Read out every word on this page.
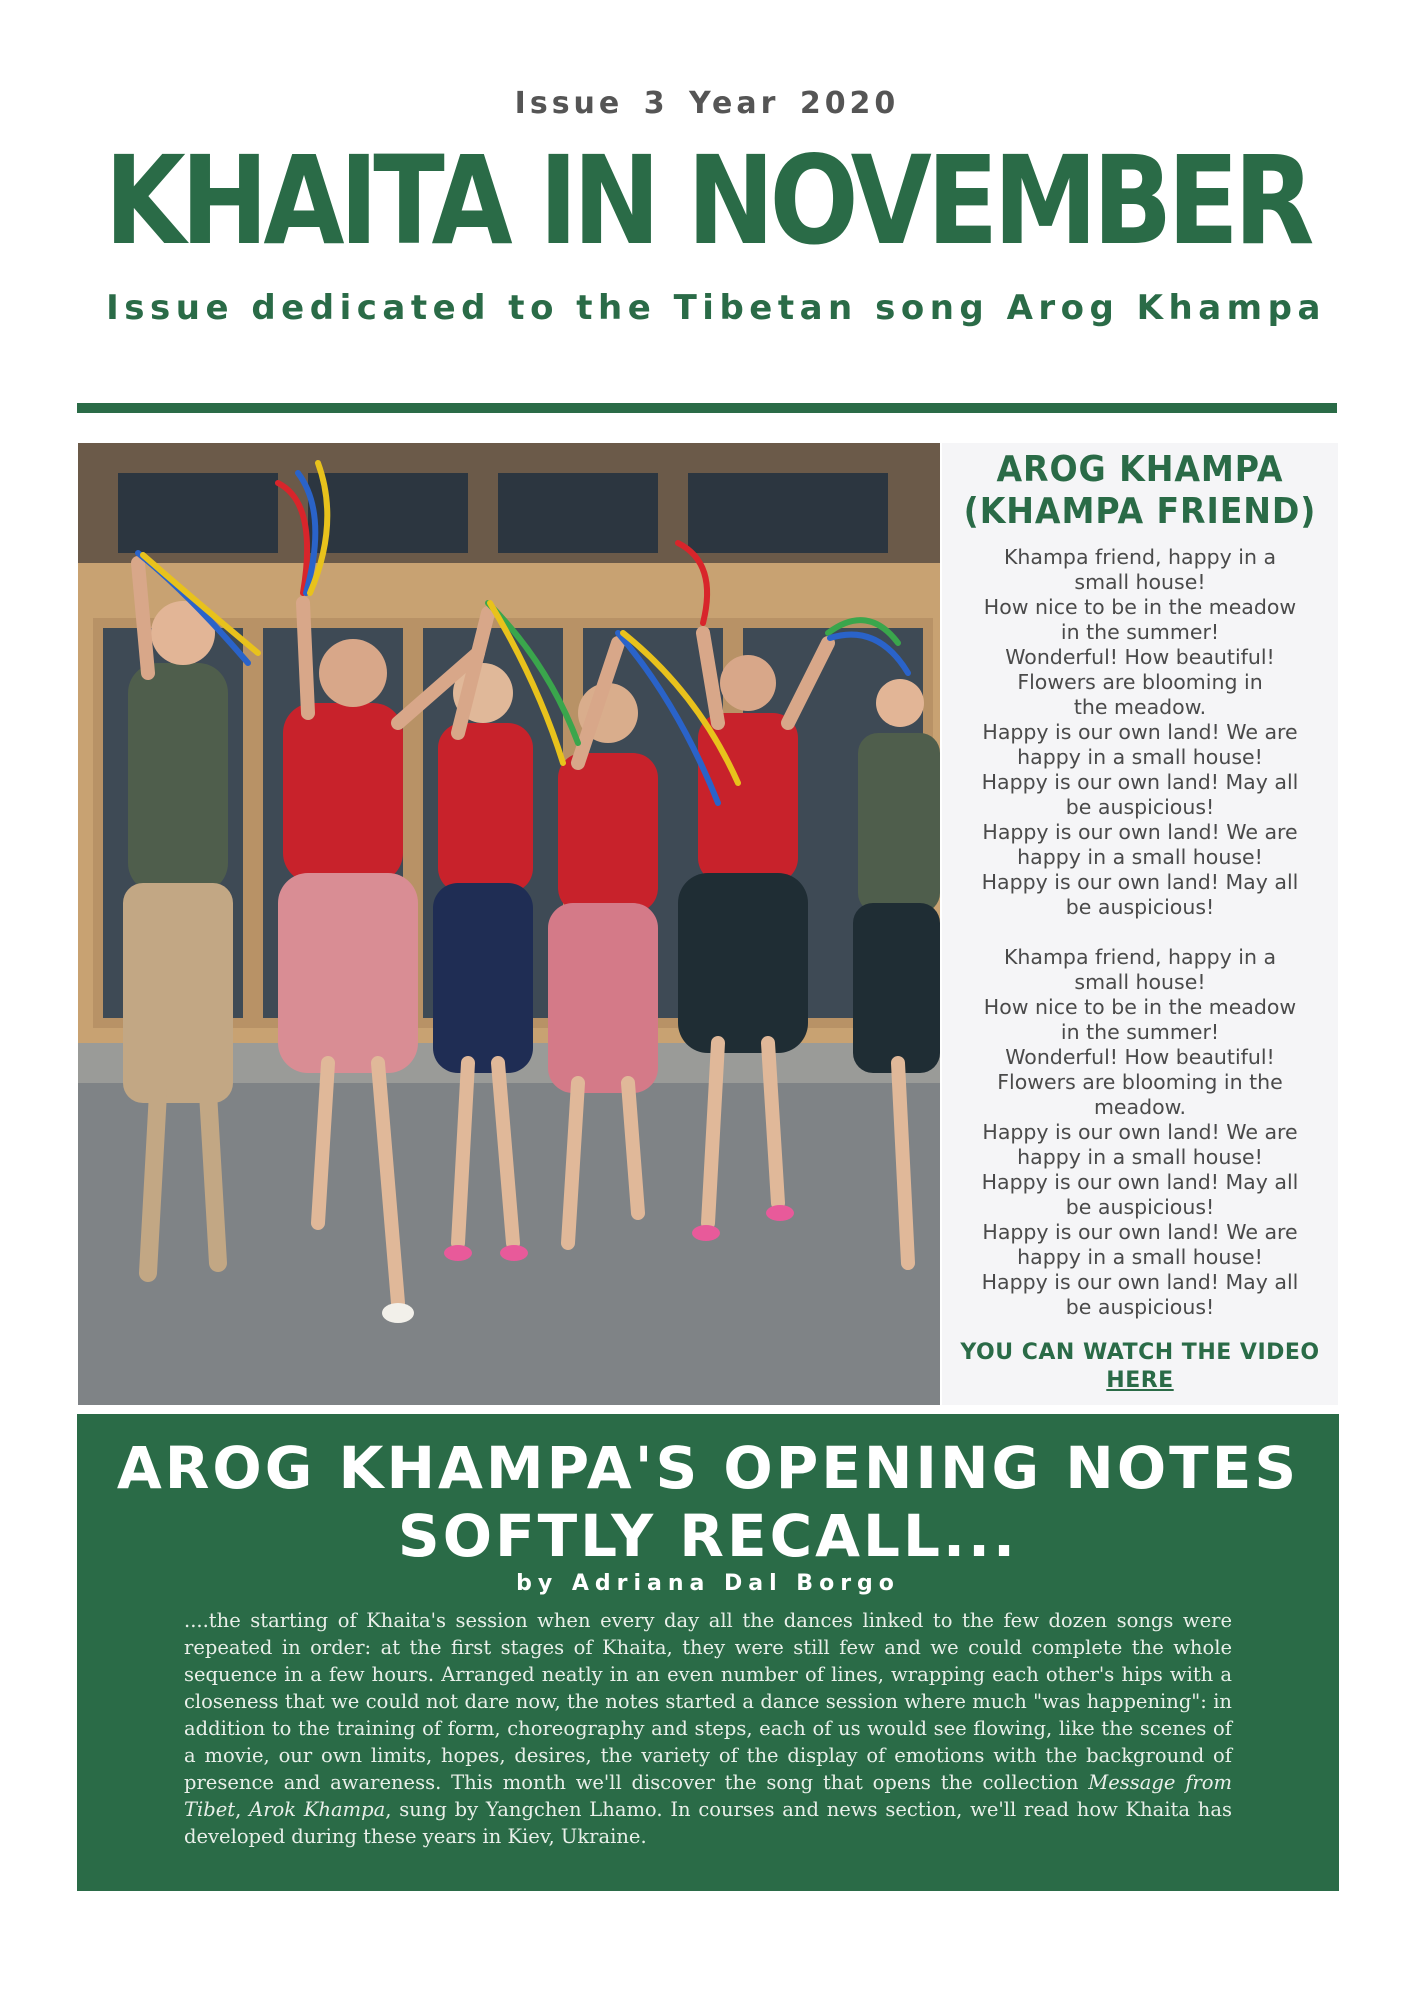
Issue 3 Year 2020
KHAITA IN NOVEMBER
Issue dedicated to the Tibetan song Arog Khampa
AROG KHAMPA
(KHAMPA FRIEND)
Khampa friend, happy in a
small house!
How nice to be in the meadow
in the summer!
Wonderful! How beautiful!
Flowers are blooming in
the meadow.
Happy is our own land! We are
happy in a small house!
Happy is our own land! May all
be auspicious!
Happy is our own land! We are
happy in a small house!
Happy is our own land! May all
be auspicious!
Khampa friend, happy in a
small house!
How nice to be in the meadow
in the summer!
Wonderful! How beautiful!
Flowers are blooming in the
meadow.
Happy is our own land! We are
happy in a small house!
Happy is our own land! May all
be auspicious!
Happy is our own land! We are
happy in a small house!
Happy is our own land! May all
be auspicious!
YOU CAN WATCH THE VIDEO
HERE
AROG KHAMPA'S OPENING NOTES
SOFTLY RECALL...
by Adriana Dal Borgo
....the starting of Khaita's session when every day all the dances linked to the few dozen songs were repeated in order: at the first stages of Khaita, they were still few and we could complete the whole sequence in a few hours. Arranged neatly in an even number of lines, wrapping each other's hips with a closeness that we could not dare now, the notes started a dance session where much "was happening": in addition to the training of form, choreography and steps, each of us would see flowing, like the scenes of a movie, our own limits, hopes, desires, the variety of the display of emotions with the background of presence and awareness. This month we'll discover the song that opens the collection Message from Tibet, Arok Khampa, sung by Yangchen Lhamo. In courses and news section, we'll read how Khaita has developed during these years in Kiev, Ukraine.
